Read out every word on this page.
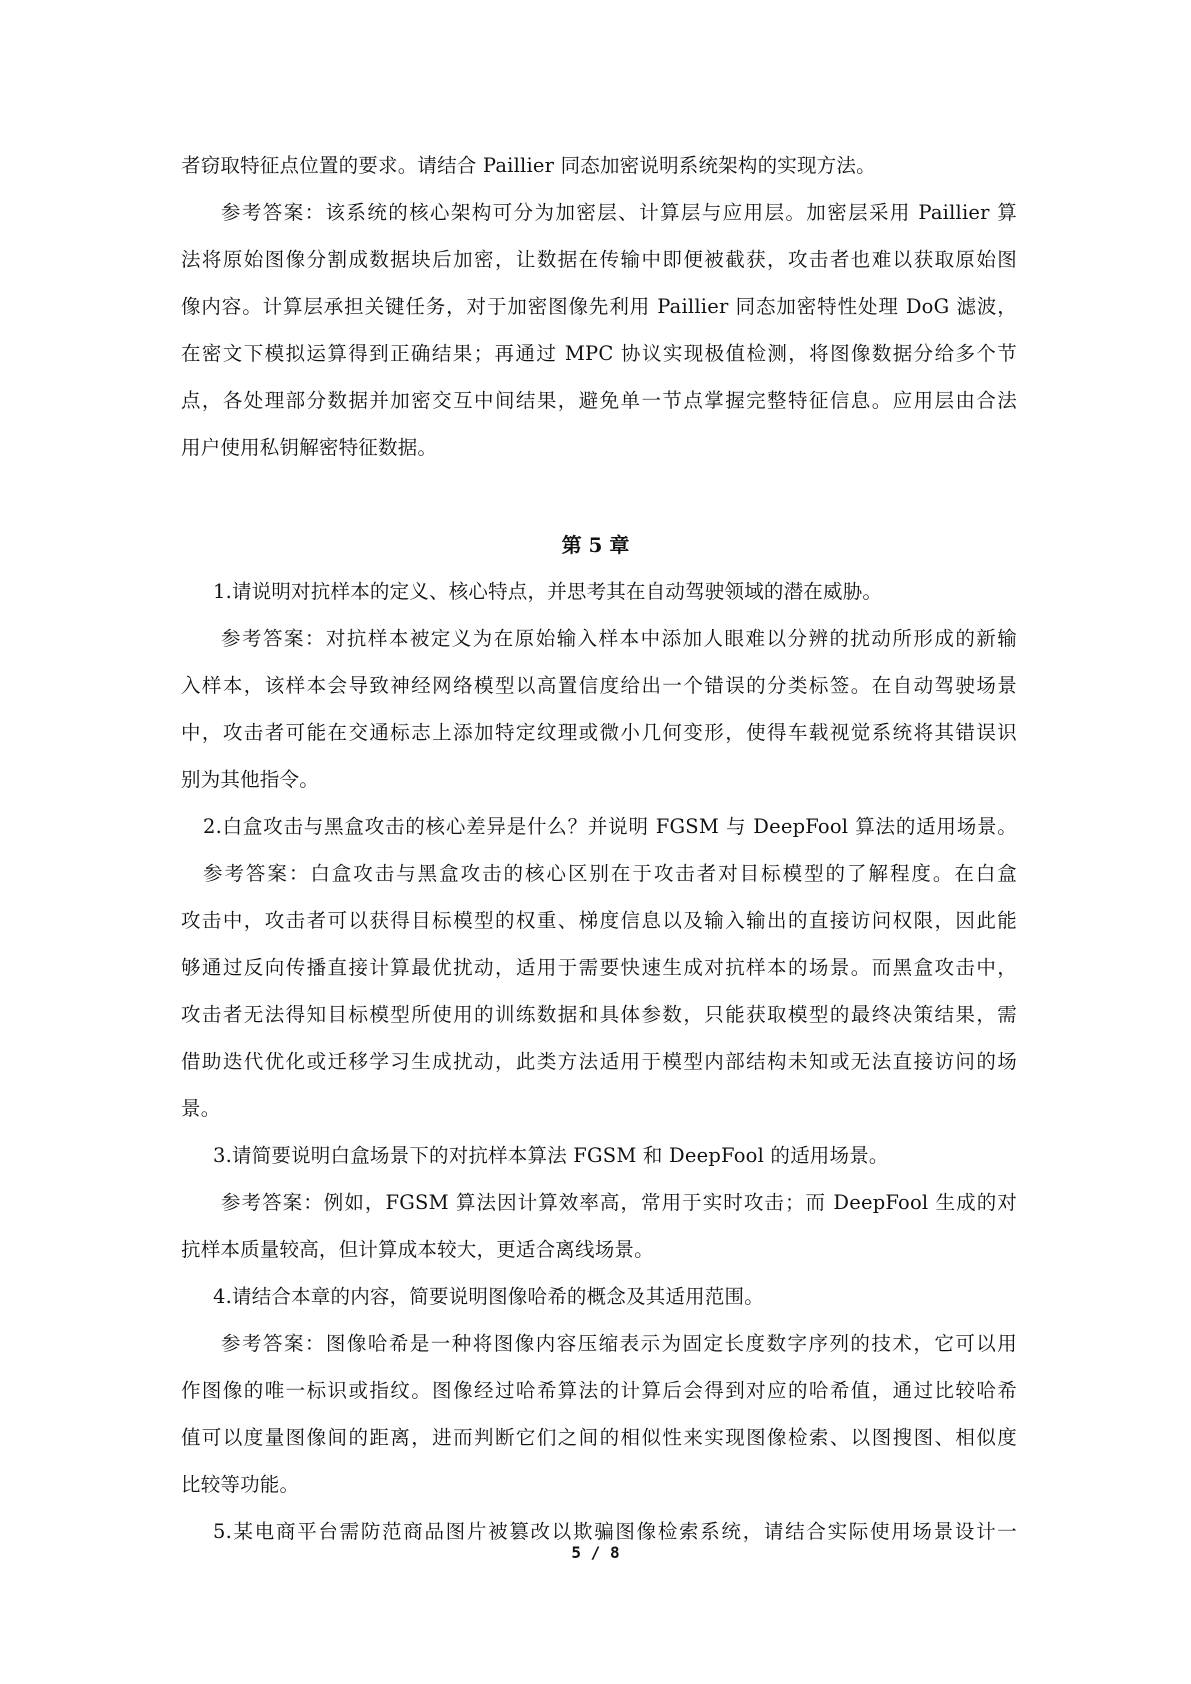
者窃取特征点位置的要求。请结合 Paillier 同态加密说明系统架构的实现方法。

参考答案：该系统的核心架构可分为加密层、计算层与应用层。加密层采用 Paillier 算

法将原始图像分割成数据块后加密，让数据在传输中即便被截获，攻击者也难以获取原始图

像内容。计算层承担关键任务，对于加密图像先利用 Paillier 同态加密特性处理 DoG 滤波，

在密文下模拟运算得到正确结果；再通过 MPC 协议实现极值检测，将图像数据分给多个节

点，各处理部分数据并加密交互中间结果，避免单一节点掌握完整特征信息。应用层由合法

用户使用私钥解密特征数据。

第 5 章

1.请说明对抗样本的定义、核心特点，并思考其在自动驾驶领域的潜在威胁。

参考答案：对抗样本被定义为在原始输入样本中添加人眼难以分辨的扰动所形成的新输

入样本，该样本会导致神经网络模型以高置信度给出一个错误的分类标签。在自动驾驶场景

中，攻击者可能在交通标志上添加特定纹理或微小几何变形，使得车载视觉系统将其错误识

别为其他指令。

2.白盒攻击与黑盒攻击的核心差异是什么？并说明 FGSM 与 DeepFool 算法的适用场景。

参考答案：白盒攻击与黑盒攻击的核心区别在于攻击者对目标模型的了解程度。在白盒

攻击中，攻击者可以获得目标模型的权重、梯度信息以及输入输出的直接访问权限，因此能

够通过反向传播直接计算最优扰动，适用于需要快速生成对抗样本的场景。而黑盒攻击中，

攻击者无法得知目标模型所使用的训练数据和具体参数，只能获取模型的最终决策结果，需

借助迭代优化或迁移学习生成扰动，此类方法适用于模型内部结构未知或无法直接访问的场

景。

3.请简要说明白盒场景下的对抗样本算法 FGSM 和 DeepFool 的适用场景。

参考答案：例如，FGSM 算法因计算效率高，常用于实时攻击；而 DeepFool 生成的对

抗样本质量较高，但计算成本较大，更适合离线场景。

4.请结合本章的内容，简要说明图像哈希的概念及其适用范围。

参考答案：图像哈希是一种将图像内容压缩表示为固定长度数字序列的技术，它可以用

作图像的唯一标识或指纹。图像经过哈希算法的计算后会得到对应的哈希值，通过比较哈希

值可以度量图像间的距离，进而判断它们之间的相似性来实现图像检索、以图搜图、相似度

比较等功能。

5.某电商平台需防范商品图片被篡改以欺骗图像检索系统，请结合实际使用场景设计一

5 / 8
